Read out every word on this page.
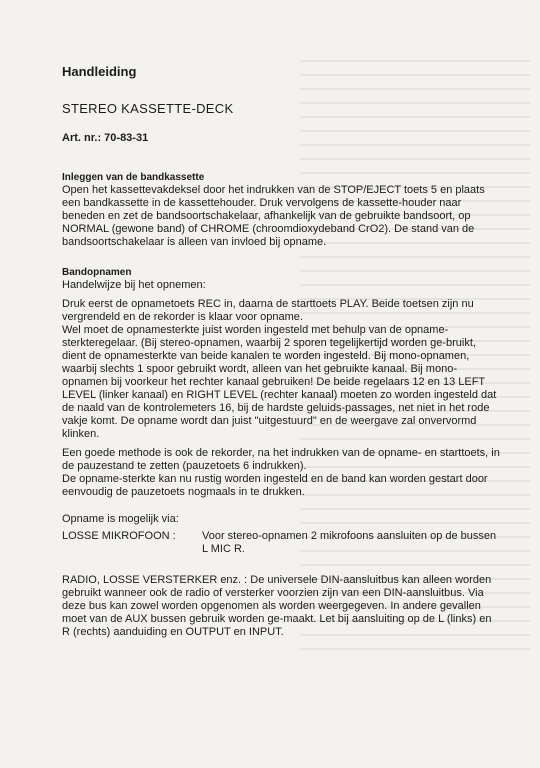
Handleiding
STEREO KASSETTE-DECK
Art. nr.: 70-83-31
Inleggen van de bandkassette

Open het kassettevakdeksel door het indrukken van de STOP/EJECT toets 5 en plaats een bandkassette in de kassettehouder. Druk vervolgens de kassette-houder naar beneden en zet de bandsoortschakelaar, afhankelijk van de gebruikte bandsoort, op NORMAL (gewone band) of CHROME (chroomdioxydeband CrO2). De stand van de bandsoortschakelaar is alleen van invloed bij opname.

Bandopnamen

Handelwijze bij het opnemen:

Druk eerst de opnametoets REC in, daarna de starttoets PLAY. Beide toetsen zijn nu vergrendeld en de rekorder is klaar voor opname.

Wel moet de opnamesterkte juist worden ingesteld met behulp van de opname-sterkteregelaar. (Bij stereo-opnamen, waarbij 2 sporen tegelijkertijd worden ge-bruikt, dient de opnamesterkte van beide kanalen te worden ingesteld. Bij mono-opnamen, waarbij slechts 1 spoor gebruikt wordt, alleen van het gebruikte kanaal. Bij mono-opnamen bij voorkeur het rechter kanaal gebruiken! De beide regelaars 12 en 13 LEFT LEVEL (linker kanaal) en RIGHT LEVEL (rechter kanaal) moeten zo worden ingesteld dat de naald van de kontrolemeters 16, bij de hardste geluids-passages, net niet in het rode vakje komt. De opname wordt dan juist "uitgestuurd" en de weergave zal onvervormd klinken.

Een goede methode is ook de rekorder, na het indrukken van de opname- en starttoets, in de pauzestand te zetten (pauzetoets 6 indrukken).

De opname-sterkte kan nu rustig worden ingesteld en de band kan worden gestart door eenvoudig de pauzetoets nogmaals in te drukken.

Opname is mogelijk via:

LOSSE MIKROFOON :	Voor stereo-opnamen 2 mikrofoons aansluiten op de bussen L MIC R.

RADIO, LOSSE VERSTERKER enz. : De universele DIN-aansluitbus kan alleen worden gebruikt wanneer ook de radio of versterker voorzien zijn van een DIN-aansluitbus. Via deze bus kan zowel worden opgenomen als worden weergegeven. In andere gevallen moet van de AUX bussen gebruik worden ge-maakt. Let bij aansluiting op de L (links) en R (rechts) aanduiding en OUTPUT en INPUT.
